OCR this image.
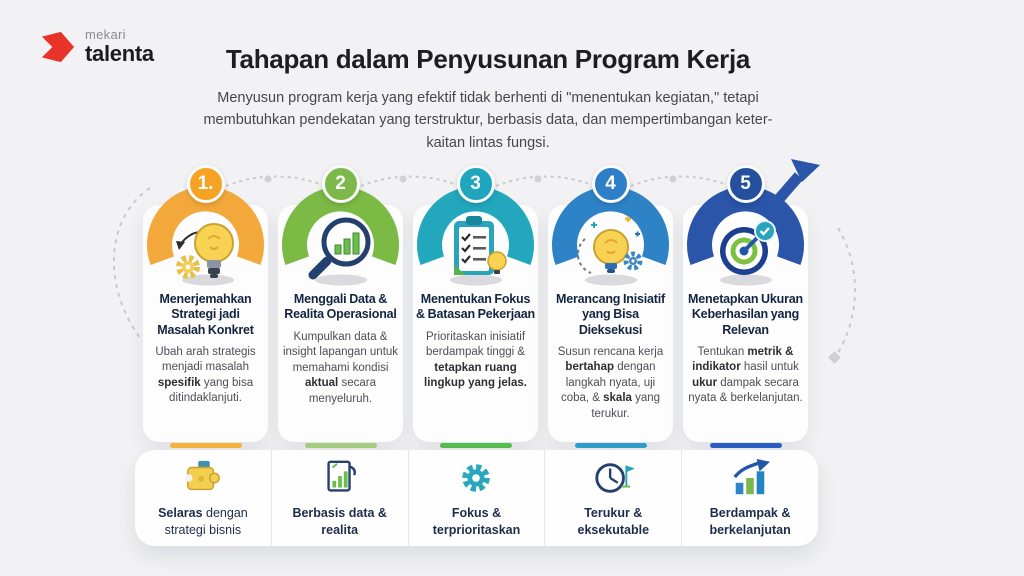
mekari
talenta	Tahapan dalam Penyusunan Program Kerja

Menyusun program kerja yang efektif tidak berhenti di "menentukan kegiatan," tetapi
membutuhkan pendekatan yang terstruktur, berbasis data, dan mempertimbangan keter-
kaitan lintas fungsi.

Menerjemahkan Strategi jadi Masalah Konkret
Ubah arah strategis menjadi masalah spesifik yang bisa ditindaklanjuti.
1.
Menggali Data & Realita Operasional
Kumpulkan data & insight lapangan untuk memahami kondisi aktual secara menyeluruh.
2
Menentukan Fokus & Batasan Pekerjaan
Prioritaskan inisiatif berdampak tinggi & tetapkan ruang lingkup yang jelas.
3
Merancang Inisiatif yang Bisa Dieksekusi
Susun rencana kerja bertahap dengan langkah nyata, uji coba, & skala yang terukur.
4
Menetapkan Ukuran Keberhasilan yang Relevan
Tentukan metrik & indikator hasil untuk ukur dampak secara nyata & berkelanjutan.
5
Selaras dengan strategi bisnis
Berbasis data & realita
Fokus & terprioritaskan
Terukur & eksekutable
Berdampak & berkelanjutan
